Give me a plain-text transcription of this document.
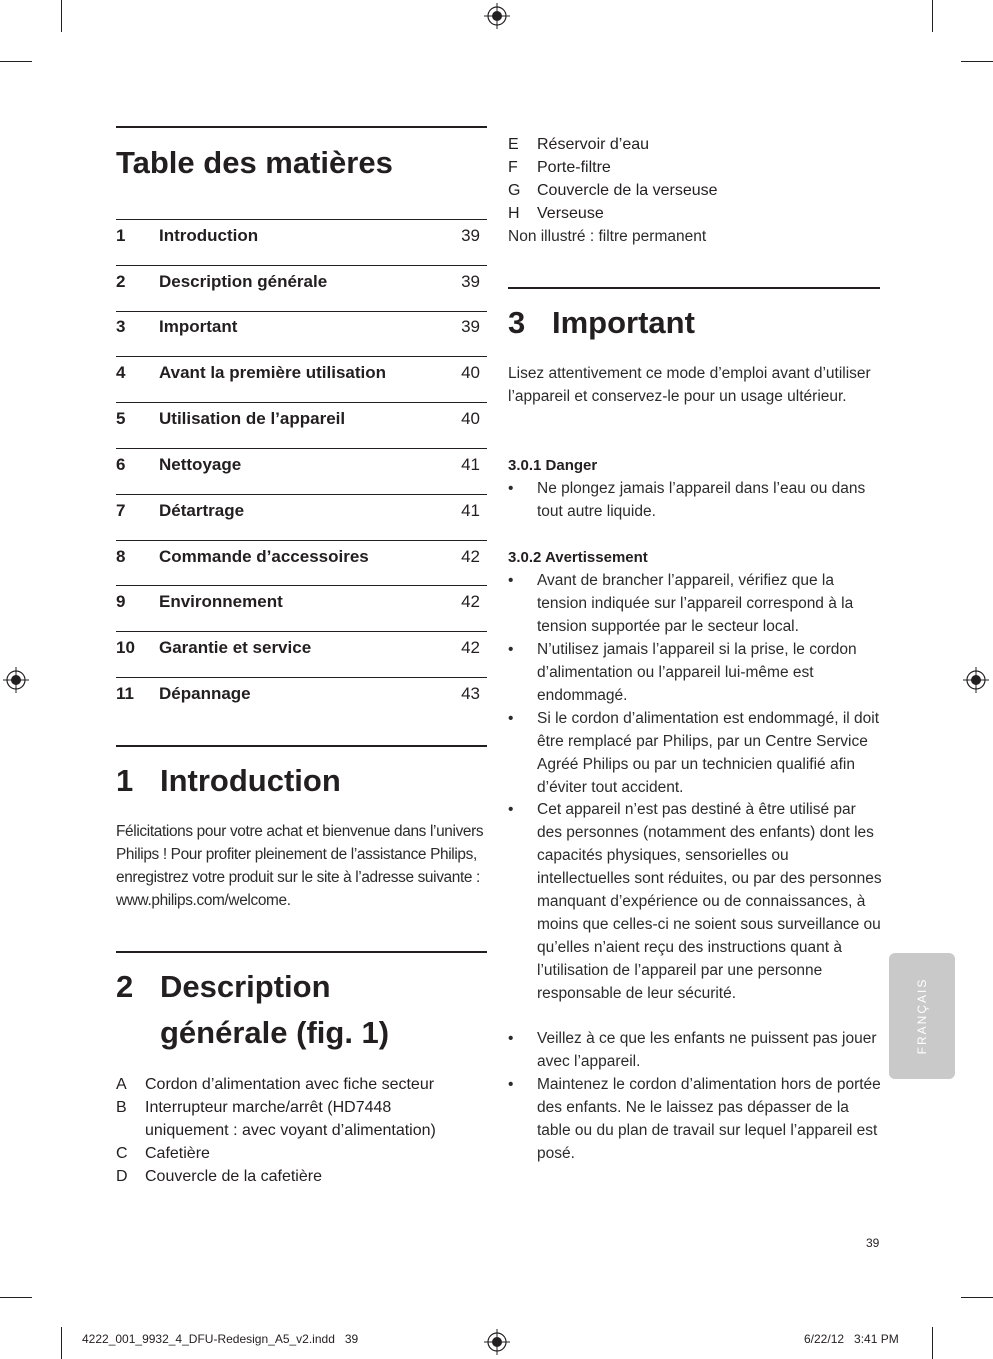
Table des matières
1 Introduction	39
2 Description générale	39
3 Important	39
4 Avant la première utilisation	40
5 Utilisation de l’appareil	40
6 Nettoyage	41
7 Détartrage	41
8 Commande d’accessoires	42
9 Environnement	42
10 Garantie et service	42
11 Dépannage	43
1 Introduction

Félicitations pour votre achat et bienvenue dans l’univers Philips ! Pour profiter pleinement de l’assistance Philips, enregistrez votre produit sur le site à l’adresse suivante : www.philips.com/welcome.

2 Description
générale (fig. 1)
A Cordon d’alimentation avec fiche secteur
B Interrupteur marche/arrêt (HD7448
uniquement : avec voyant d’alimentation)
C Cafetière
D Couvercle de la cafetière
E Réservoir d’eau
F Porte-filtre
G Couvercle de la verseuse
H Verseuse
Non illustré : filtre permanent
3 Important

Lisez attentivement ce mode d’emploi avant d’utiliser l’appareil et conservez-le pour un usage ultérieur.

3.0.1 Danger
• Ne plongez jamais l’appareil dans l’eau ou dans tout autre liquide.
3.0.2 Avertissement
• Avant de brancher l’appareil, vérifiez que la tension indiquée sur l’appareil correspond à la tension supportée par le secteur local.
• N’utilisez jamais l’appareil si la prise, le cordon d’alimentation ou l’appareil lui-même est endommagé.
• Si le cordon d’alimentation est endommagé, il doit être remplacé par Philips, par un Centre Service Agréé Philips ou par un technicien qualifié afin d’éviter tout accident.
• Cet appareil n’est pas destiné à être utilisé par des personnes (notamment des enfants) dont les capacités physiques, sensorielles ou intellectuelles sont réduites, ou par des personnes manquant d’expérience ou de connaissances, à moins que celles-ci ne soient sous surveillance ou qu’elles n’aient reçu des instructions quant à l’utilisation de l’appareil par une personne responsable de leur sécurité.
• Veillez à ce que les enfants ne puissent pas jouer avec l’appareil.
• Maintenez le cordon d’alimentation hors de portée des enfants. Ne le laissez pas dépasser de la table ou du plan de travail sur lequel l’appareil est posé.
FRANÇAIS
39
4222_001_9932_4_DFU-Redesign_A5_v2.indd   39	6/22/12   3:41 PM
